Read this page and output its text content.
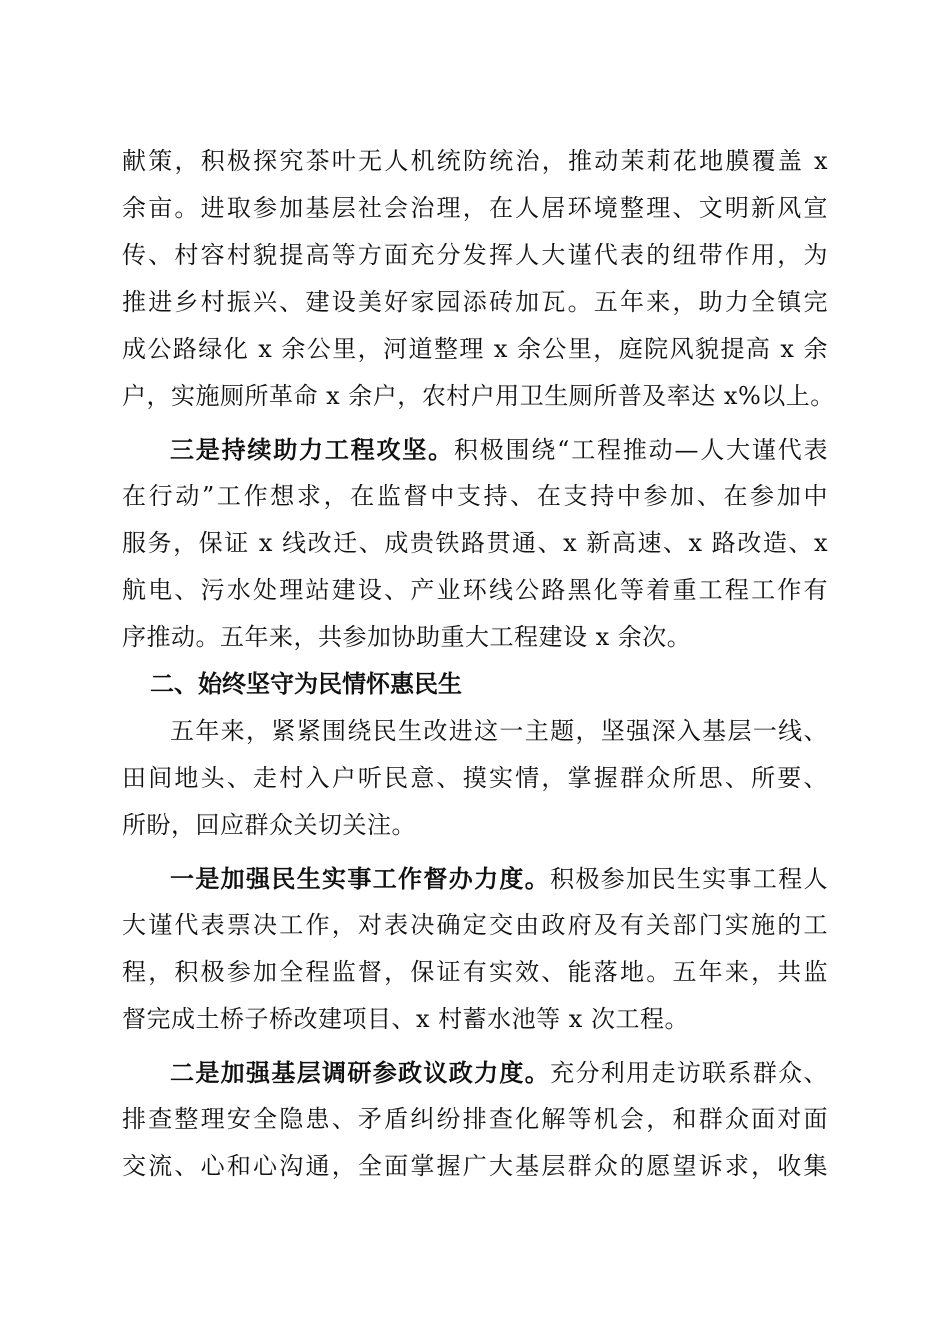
献策，积极探究茶叶无人机统防统治，推动茉莉花地膜覆盖 x
余亩。进取参加基层社会治理，在人居环境整理、文明新风宣
传、村容村貌提高等方面充分发挥人大谨代表的纽带作用，为
推进乡村振兴、建设美好家园添砖加瓦。五年来，助力全镇完
成公路绿化 x 余公里，河道整理 x 余公里，庭院风貌提高 x 余
户，实施厕所革命 x 余户，农村户用卫生厕所普及率达 x%以上。
三是持续助力工程攻坚。积极围绕“工程推动—人大谨代表
在行动”工作想求，在监督中支持、在支持中参加、在参加中
服务，保证 x 线改迁、成贵铁路贯通、x 新高速、x 路改造、x
航电、污水处理站建设、产业环线公路黑化等着重工程工作有
序推动。五年来，共参加协助重大工程建设 x 余次。
二、始终坚守为民情怀惠民生
五年来，紧紧围绕民生改进这一主题，坚强深入基层一线、
田间地头、走村入户听民意、摸实情，掌握群众所思、所要、
所盼，回应群众关切关注。
一是加强民生实事工作督办力度。积极参加民生实事工程人
大谨代表票决工作，对表决确定交由政府及有关部门实施的工
程，积极参加全程监督，保证有实效、能落地。五年来，共监
督完成土桥子桥改建项目、x 村蓄水池等 x 次工程。
二是加强基层调研参政议政力度。充分利用走访联系群众、
排查整理安全隐患、矛盾纠纷排查化解等机会，和群众面对面
交流、心和心沟通，全面掌握广大基层群众的愿望诉求，收集
